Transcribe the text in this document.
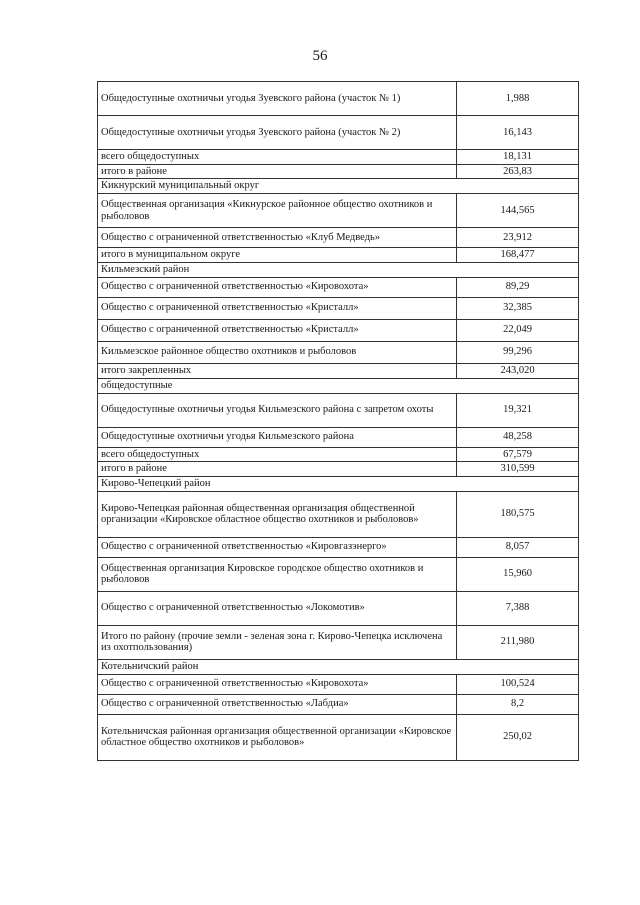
56
Общедоступные охотничьи угодья Зуевского района (участок № 1)	1,988
Общедоступные охотничьи угодья Зуевского района (участок № 2)	16,143
всего общедоступных	18,131
итого в районе	263,83
Кикнурский муниципальный округ	
Общественная организация «Кикнурское районное общество охотников и рыболовов	144,565
Общество с ограниченной ответственностью «Клуб Медведь»	23,912
итого в муниципальном округе	168,477
Кильмезский район	
Общество с ограниченной ответственностью «Кировохота»	89,29
Общество с ограниченной ответственностью «Кристалл»	32,385
Общество с ограниченной ответственностью «Кристалл»	22,049
Кильмезское районное общество охотников и рыболовов	99,296
итого закрепленных	243,020
общедоступные	
Общедоступные охотничьи угодья Кильмезского района с запретом охоты	19,321
Общедоступные охотничьи угодья Кильмезского района	48,258
всего общедоступных	67,579
итого в районе	310,599
Кирово-Чепецкий район	
Кирово-Чепецкая районная общественная организация общественной организации «Кировское областное общество охотников и рыболовов»	180,575
Общество с ограниченной ответственностью «Кировгазэнерго»	8,057
Общественная организация Кировское городское общество охотников и рыболовов	15,960
Общество с ограниченной ответственностью «Локомотив»	7,388
Итого по району (прочие земли - зеленая зона г. Кирово-Чепецка исключена из охотпользования)	211,980
Котельничский район	
Общество с ограниченной ответственностью «Кировохота»	100,524
Общество с ограниченной ответственностью «Лабдиа»	8,2
Котельничская районная организация общественной организации «Кировское областное общество охотников и рыболовов»	250,02
